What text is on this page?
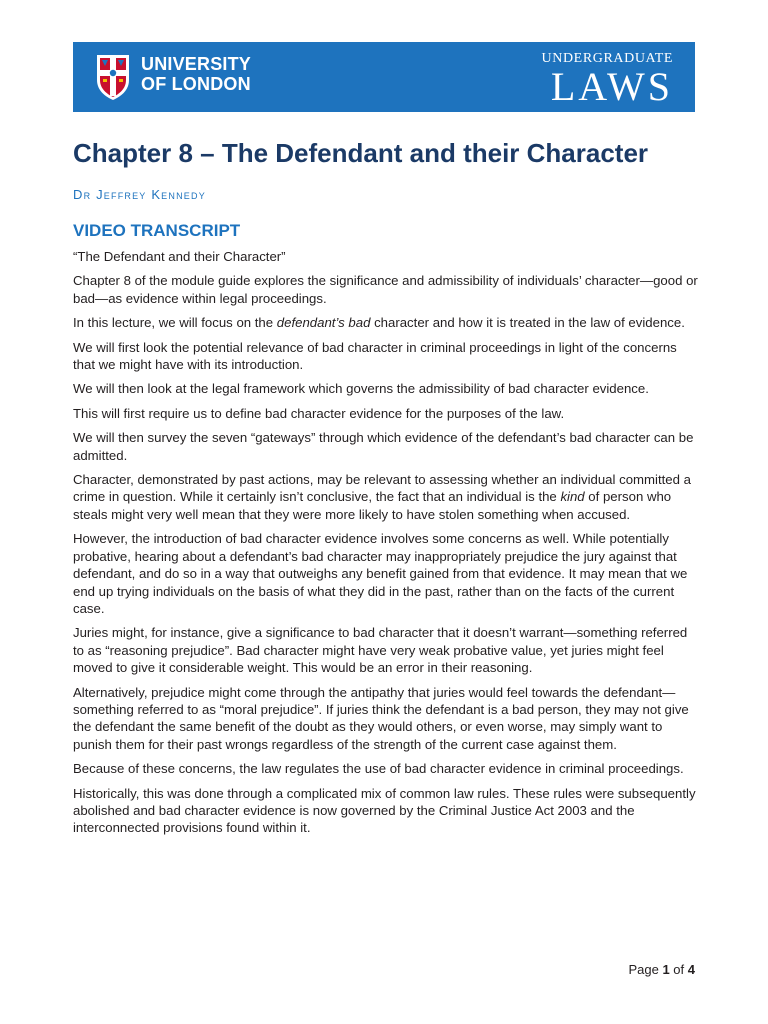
UNIVERSITY
OF LONDON
UNDERGRADUATE
LAWS
Chapter 8 – The Defendant and their Character
Dr Jeffrey Kennedy
VIDEO TRANSCRIPT

“The Defendant and their Character”

Chapter 8 of the module guide explores the significance and admissibility of individuals’ character—good or bad—as evidence within legal proceedings.

In this lecture, we will focus on the defendant’s bad character and how it is treated in the law of evidence.

We will first look the potential relevance of bad character in criminal proceedings in light of the concerns that we might have with its introduction.

We will then look at the legal framework which governs the admissibility of bad character evidence.

This will first require us to define bad character evidence for the purposes of the law.

We will then survey the seven “gateways” through which evidence of the defendant’s bad character can be admitted.

Character, demonstrated by past actions, may be relevant to assessing whether an individual committed a crime in question. While it certainly isn’t conclusive, the fact that an individual is the kind of person who steals might very well mean that they were more likely to have stolen something when accused.

However, the introduction of bad character evidence involves some concerns as well. While potentially probative, hearing about a defendant’s bad character may inappropriately prejudice the jury against that defendant, and do so in a way that outweighs any benefit gained from that evidence. It may mean that we end up trying individuals on the basis of what they did in the past, rather than on the facts of the current case.

Juries might, for instance, give a significance to bad character that it doesn’t warrant—something referred to as “reasoning prejudice”. Bad character might have very weak probative value, yet juries might feel moved to give it considerable weight. This would be an error in their reasoning.

Alternatively, prejudice might come through the antipathy that juries would feel towards the defendant—something referred to as “moral prejudice”. If juries think the defendant is a bad person, they may not give the defendant the same benefit of the doubt as they would others, or even worse, may simply want to punish them for their past wrongs regardless of the strength of the current case against them.

Because of these concerns, the law regulates the use of bad character evidence in criminal proceedings.

Historically, this was done through a complicated mix of common law rules. These rules were subsequently abolished and bad character evidence is now governed by the Criminal Justice Act 2003 and the interconnected provisions found within it.

Page 1 of 4
